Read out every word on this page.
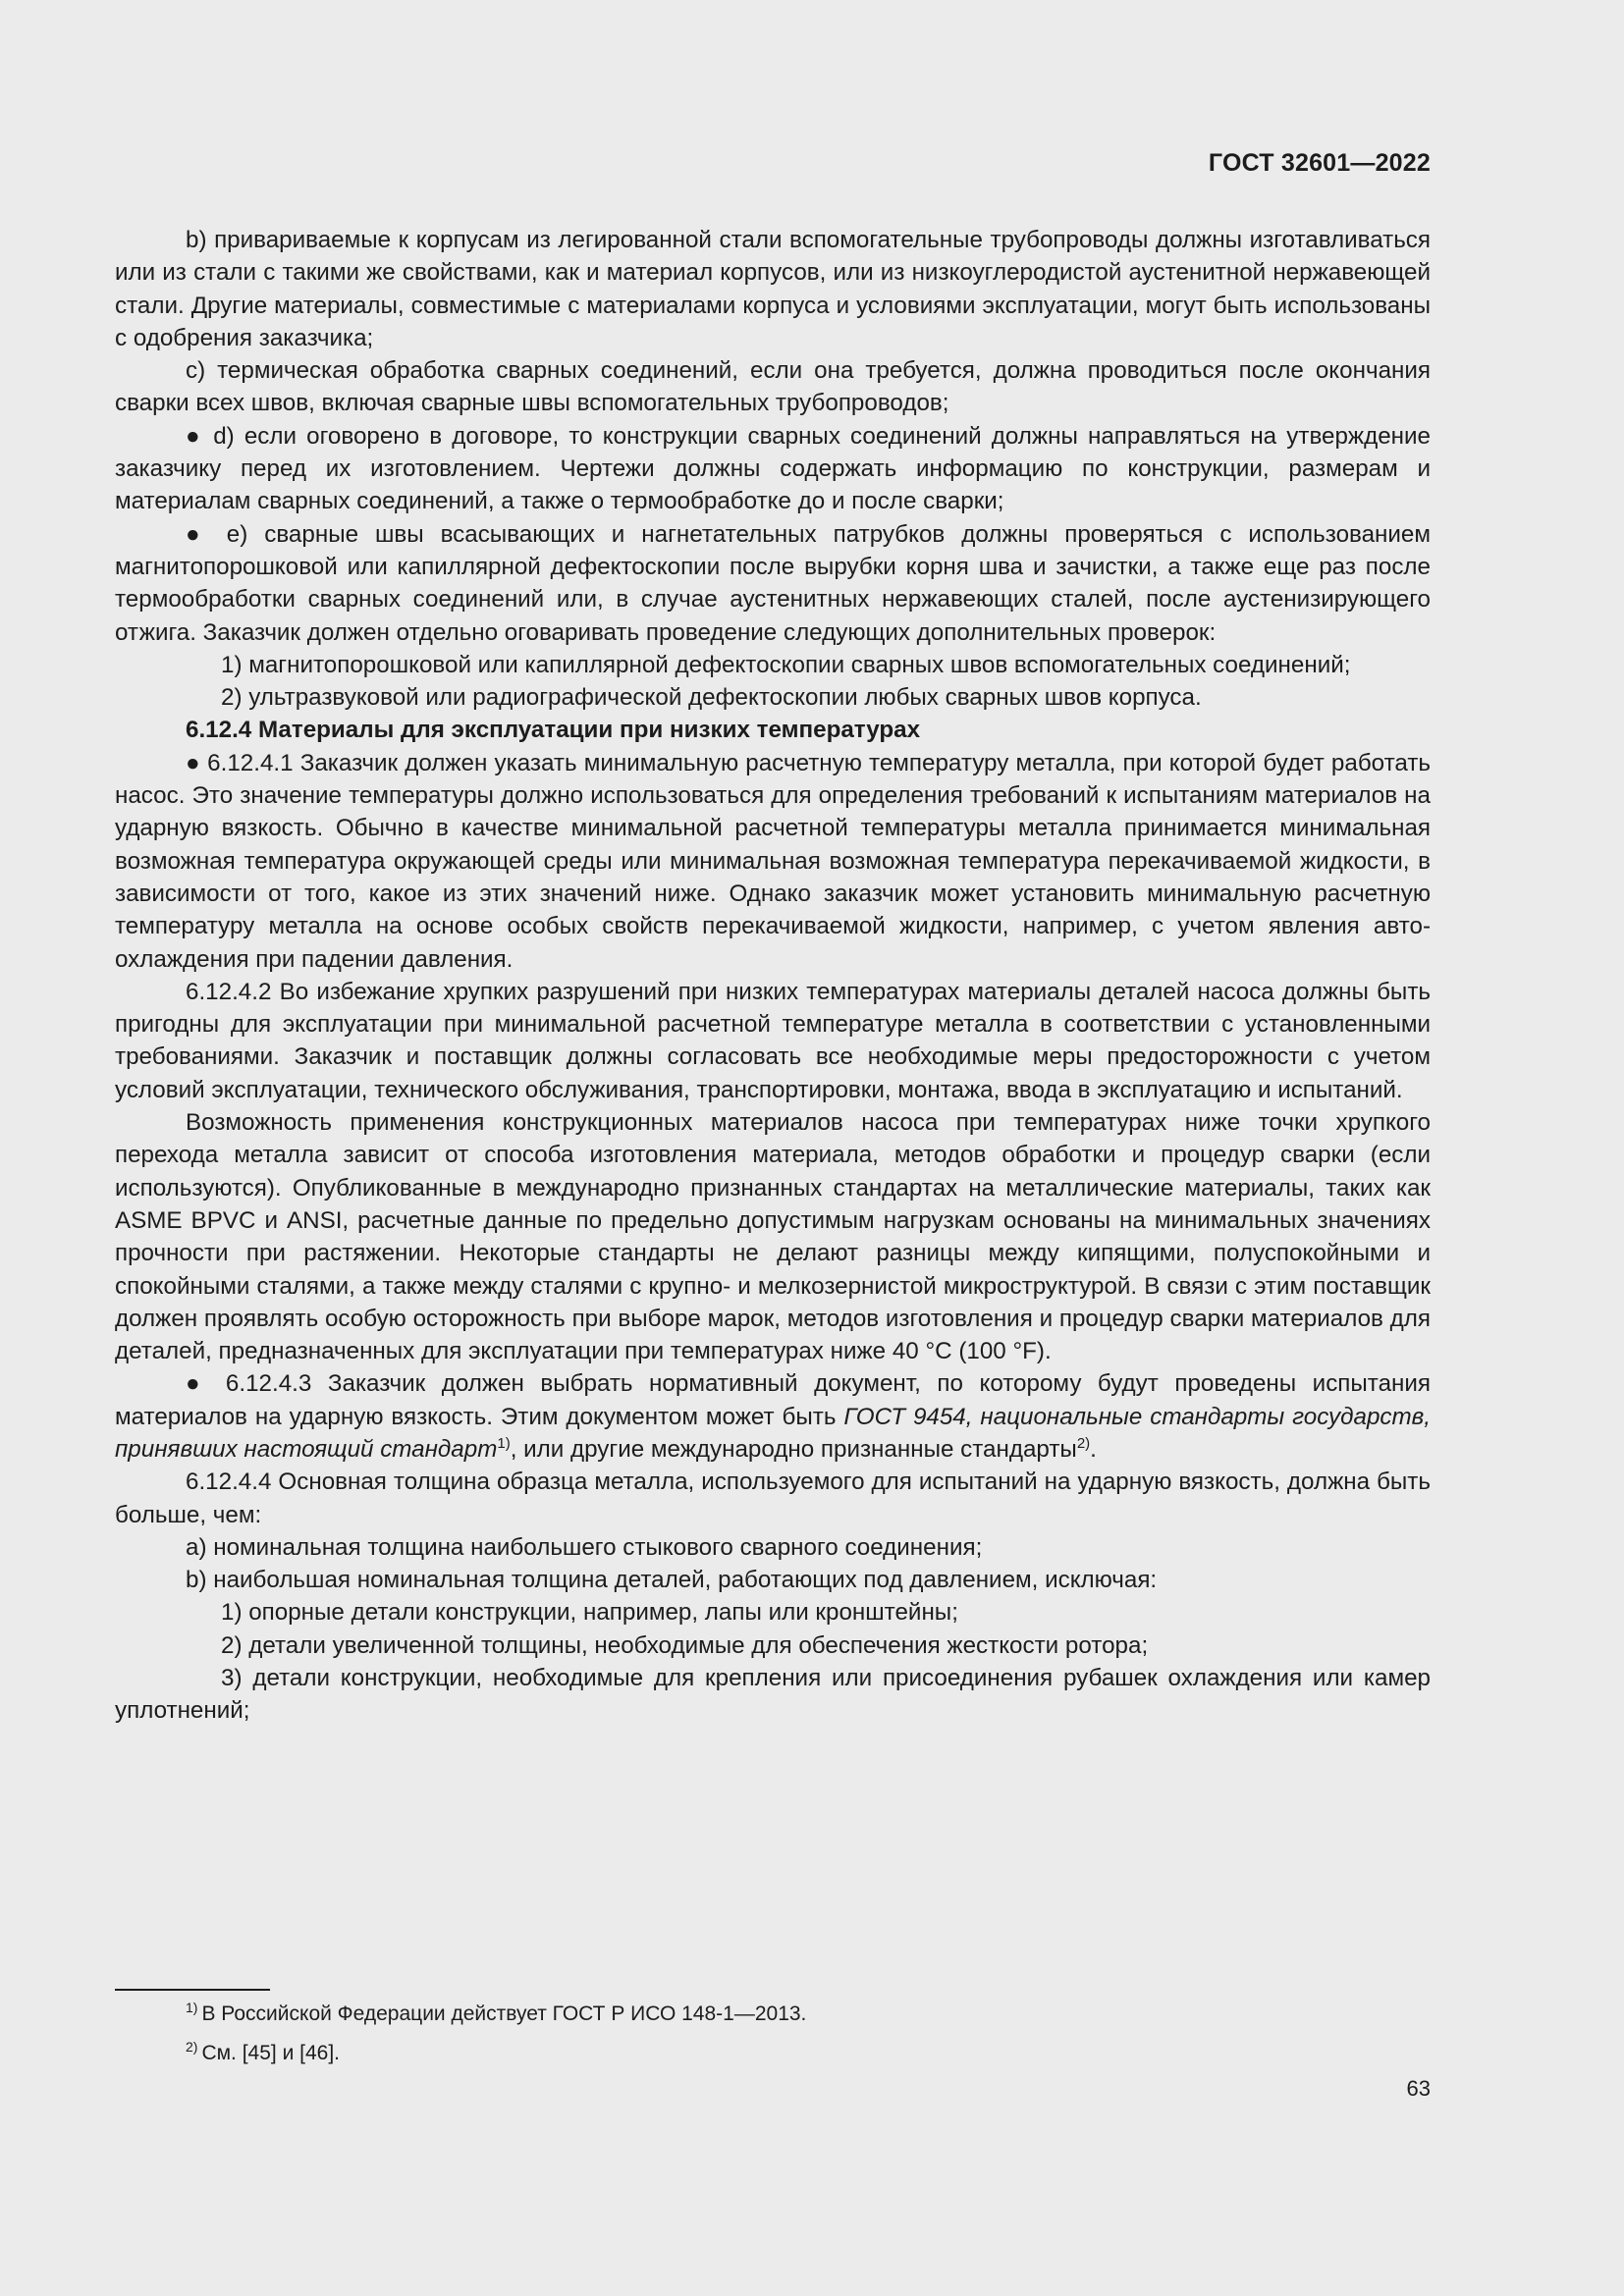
ГОСТ 32601—2022

b) привариваемые к корпусам из легированной стали вспомогательные трубопроводы должны изготавливаться или из стали с такими же свойствами, как и материал корпусов, или из низкоуглеродистой аустенитной нержавеющей стали. Другие материалы, совместимые с материалами корпуса и условиями эксплуатации, могут быть использованы с одобрения заказчика;

c) термическая обработка сварных соединений, если она требуется, должна проводиться после окончания сварки всех швов, включая сварные швы вспомогательных трубопроводов;

● d) если оговорено в договоре, то конструкции сварных соединений должны направляться на утверждение заказчику перед их изготовлением. Чертежи должны содержать информацию по конструкции, размерам и материалам сварных соединений, а также о термообработке до и после сварки;

● e) сварные швы всасывающих и нагнетательных патрубков должны проверяться с использованием магнитопорошковой или капиллярной дефектоскопии после вырубки корня шва и зачистки, а также еще раз после термообработки сварных соединений или, в случае аустенитных нержавеющих сталей, после аустенизирующего отжига. Заказчик должен отдельно оговаривать проведение следующих дополнительных проверок:

1) магнитопорошковой или капиллярной дефектоскопии сварных швов вспомогательных соединений;

2) ультразвуковой или радиографической дефектоскопии любых сварных швов корпуса.

6.12.4 Материалы для эксплуатации при низких температурах

● 6.12.4.1 Заказчик должен указать минимальную расчетную температуру металла, при которой будет работать насос. Это значение температуры должно использоваться для определения требований к испытаниям материалов на ударную вязкость. Обычно в качестве минимальной расчетной температуры металла принимается минимальная возможная температура окружающей среды или минимальная возможная температура перекачиваемой жидкости, в зависимости от того, какое из этих значений ниже. Однако заказчик может установить минимальную расчетную температуру металла на основе особых свойств перекачиваемой жидкости, например, с учетом явления авто-охлаждения при падении давления.

6.12.4.2 Во избежание хрупких разрушений при низких температурах материалы деталей насоса должны быть пригодны для эксплуатации при минимальной расчетной температуре металла в соответствии с установленными требованиями. Заказчик и поставщик должны согласовать все необходимые меры предосторожности с учетом условий эксплуатации, технического обслуживания, транспортировки, монтажа, ввода в эксплуатацию и испытаний.

Возможность применения конструкционных материалов насоса при температурах ниже точки хрупкого перехода металла зависит от способа изготовления материала, методов обработки и процедур сварки (если используются). Опубликованные в международно признанных стандартах на металлические материалы, таких как ASME BPVC и ANSI, расчетные данные по предельно допустимым нагрузкам основаны на минимальных значениях прочности при растяжении. Некоторые стандарты не делают разницы между кипящими, полуспокойными и спокойными сталями, а также между сталями с крупно- и мелкозернистой микроструктурой. В связи с этим поставщик должен проявлять особую осторожность при выборе марок, методов изготовления и процедур сварки материалов для деталей, предназначенных для эксплуатации при температурах ниже 40 °C (100 °F).

● 6.12.4.3 Заказчик должен выбрать нормативный документ, по которому будут проведены испытания материалов на ударную вязкость. Этим документом может быть ГОСТ 9454, национальные стандарты государств, принявших настоящий стандарт$^{1)}$, или другие международно признанные стандарты$^{2)}$.

6.12.4.4 Основная толщина образца металла, используемого для испытаний на ударную вязкость, должна быть больше, чем:

a) номинальная толщина наибольшего стыкового сварного соединения;

b) наибольшая номинальная толщина деталей, работающих под давлением, исключая:

1) опорные детали конструкции, например, лапы или кронштейны;

2) детали увеличенной толщины, необходимые для обеспечения жесткости ротора;

3) детали конструкции, необходимые для крепления или присоединения рубашек охлаждения или камер уплотнений;

$^{1)}$ В Российской Федерации действует ГОСТ Р ИСО 148-1—2013.
$^{2)}$ См. [45] и [46].
63
